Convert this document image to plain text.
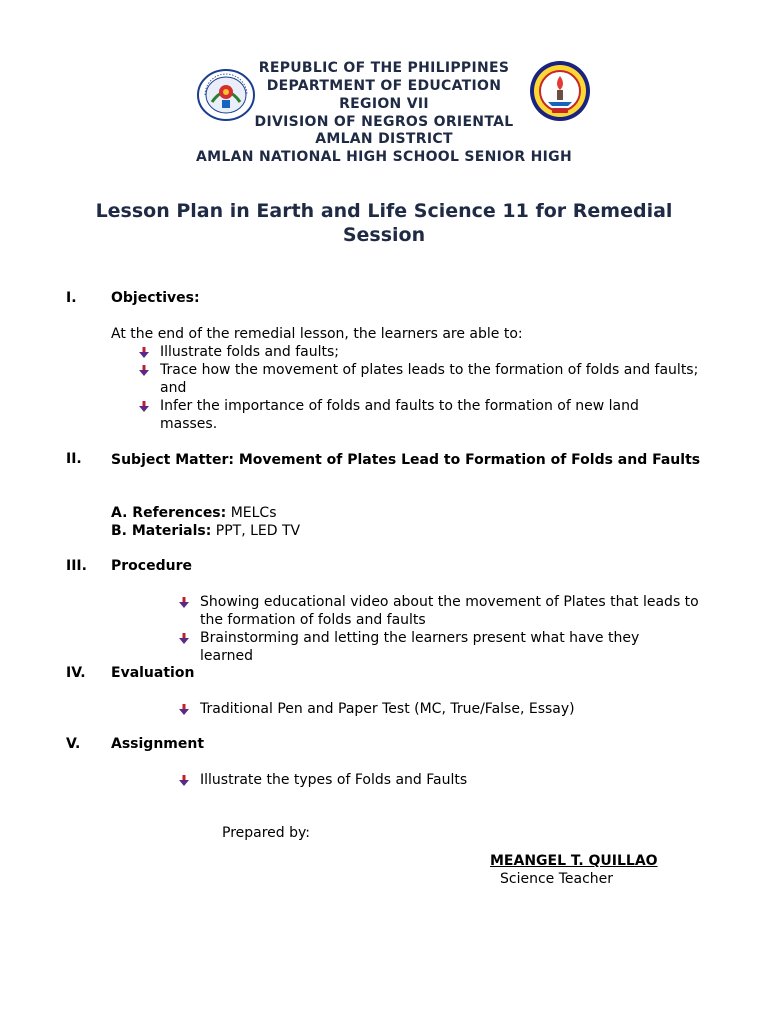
REPUBLIC OF THE PHILIPPINES
DEPARTMENT OF EDUCATION
REGION VII
DIVISION OF NEGROS ORIENTAL
AMLAN DISTRICT
AMLAN NATIONAL HIGH SCHOOL SENIOR HIGH
Lesson Plan in Earth and Life Science 11 for Remedial Session
I. Objectives:
At the end of the remedial lesson, the learners are able to:
Illustrate folds and faults;
Trace how the movement of plates leads to the formation of folds and faults; and
Infer the importance of folds and faults to the formation of new land masses.
II. Subject Matter: Movement of Plates Lead to Formation of Folds and Faults
A. References: MELCs
B. Materials: PPT, LED TV
III. Procedure
Showing educational video about the movement of Plates that leads to the formation of folds and faults
Brainstorming and letting the learners present what have they learned
IV. Evaluation
Traditional Pen and Paper Test (MC, True/False, Essay)
V. Assignment
Illustrate the types of Folds and Faults
Prepared by:
MEANGEL T. QUILLAO
Science Teacher
